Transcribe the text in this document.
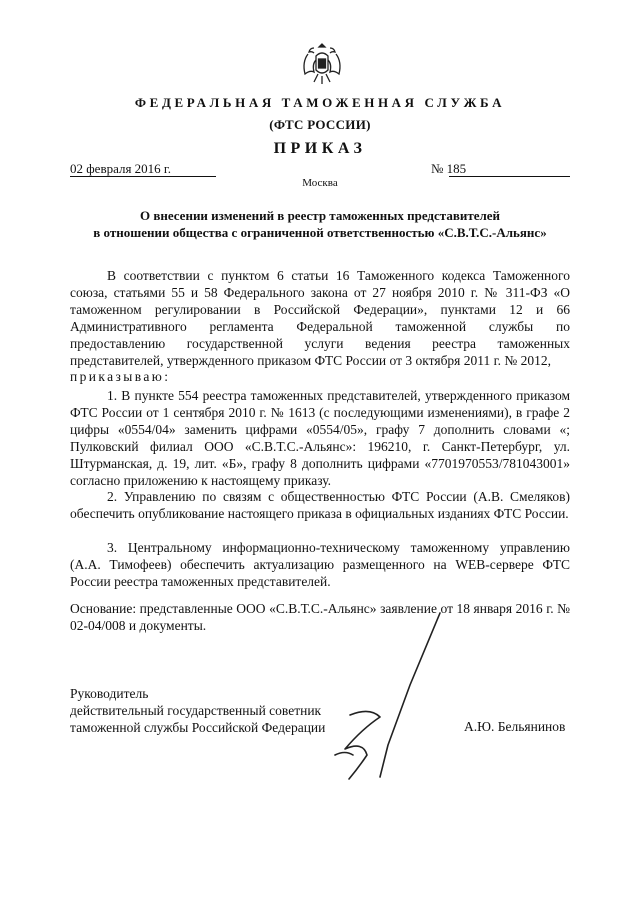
ФЕДЕРАЛЬНАЯ ТАМОЖЕННАЯ СЛУЖБА
(ФТС РОССИИ)
ПРИКАЗ
02 февраля 2016 г.	№ 185
Москва
О внесении изменений в реестр таможенных представителей
в отношении общества с ограниченной ответственностью «С.В.Т.С.-Альянс»

В соответствии с пунктом 6 статьи 16 Таможенного кодекса Таможенного союза, статьями 55 и 58 Федерального закона от 27 ноября 2010 г. № 311-ФЗ «О таможенном регулировании в Российской Федерации», пунктами 12 и 66 Административного регламента Федеральной таможенной службы по предоставлению государственной услуги ведения реестра таможенных представителей, утвержденного приказом ФТС России от 3 октября 2011 г. № 2012,

приказываю:

1. В пункте 554 реестра таможенных представителей, утвержденного приказом ФТС России от 1 сентября 2010 г. № 1613 (с последующими изменениями), в графе 2 цифры «0554/04» заменить цифрами «0554/05», графу 7 дополнить словами «; Пулковский филиал ООО «С.В.Т.С.-Альянс»: 196210, г. Санкт-Петербург, ул. Штурманская, д. 19, лит. «Б», графу 8 дополнить цифрами «7701970553/781043001» согласно приложению к настоящему приказу.

2. Управлению по связям с общественностью ФТС России (А.В. Смеляков) обеспечить опубликование настоящего приказа в официальных изданиях ФТС России.

3. Центральному информационно-техническому таможенному управлению (А.А. Тимофеев) обеспечить актуализацию размещенного на WEB-сервере ФТС России реестра таможенных представителей.

Основание: представленные ООО «С.В.Т.С.-Альянс» заявление от 18 января 2016 г. № 02-04/008 и документы.

Руководитель
действительный государственный советник
таможенной службы Российской Федерации	А.Ю. Бельянинов
